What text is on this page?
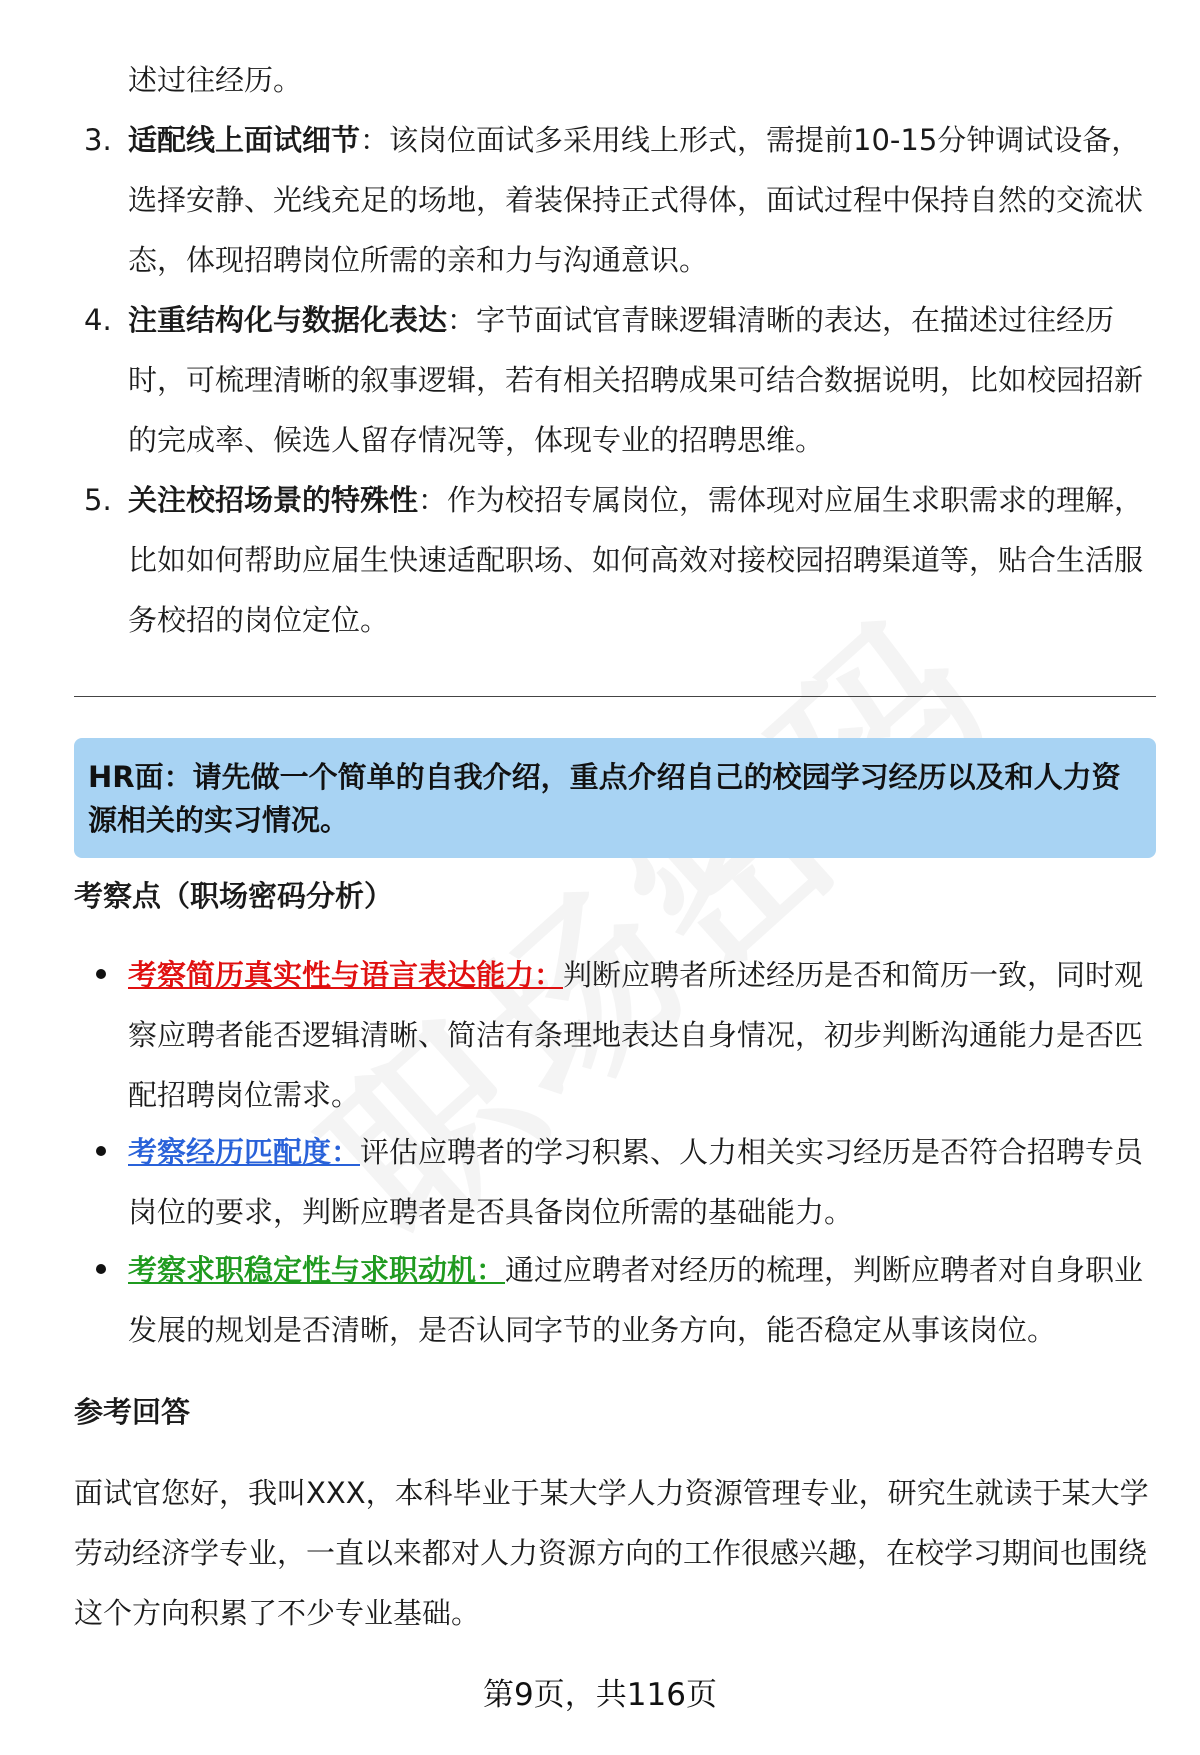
述过往经历。

3. 适配线上面试细节：该岗位面试多采用线上形式，需提前10-15分钟调试设备，选择安静、光线充足的场地，着装保持正式得体，面试过程中保持自然的交流状态，体现招聘岗位所需的亲和力与沟通意识。
4. 注重结构化与数据化表达：字节面试官青睐逻辑清晰的表达，在描述过往经历时，可梳理清晰的叙事逻辑，若有相关招聘成果可结合数据说明，比如校园招新的完成率、候选人留存情况等，体现专业的招聘思维。
5. 关注校招场景的特殊性：作为校招专属岗位，需体现对应届生求职需求的理解，比如如何帮助应届生快速适配职场、如何高效对接校园招聘渠道等，贴合生活服务校招的岗位定位。
HR面：请先做一个简单的自我介绍，重点介绍自己的校园学习经历以及和人力资源相关的实习情况。
考察点（职场密码分析）
考察简历真实性与语言表达能力：判断应聘者所述经历是否和简历一致，同时观察应聘者能否逻辑清晰、简洁有条理地表达自身情况，初步判断沟通能力是否匹配招聘岗位需求。
考察经历匹配度：评估应聘者的学习积累、人力相关实习经历是否符合招聘专员岗位的要求，判断应聘者是否具备岗位所需的基础能力。
考察求职稳定性与求职动机：通过应聘者对经历的梳理，判断应聘者对自身职业发展的规划是否清晰，是否认同字节的业务方向，能否稳定从事该岗位。
参考回答
面试官您好，我叫XXX，本科毕业于某大学人力资源管理专业，研究生就读于某大学劳动经济学专业，一直以来都对人力资源方向的工作很感兴趣，在校学习期间也围绕这个方向积累了不少专业基础。
第9页，共116页
